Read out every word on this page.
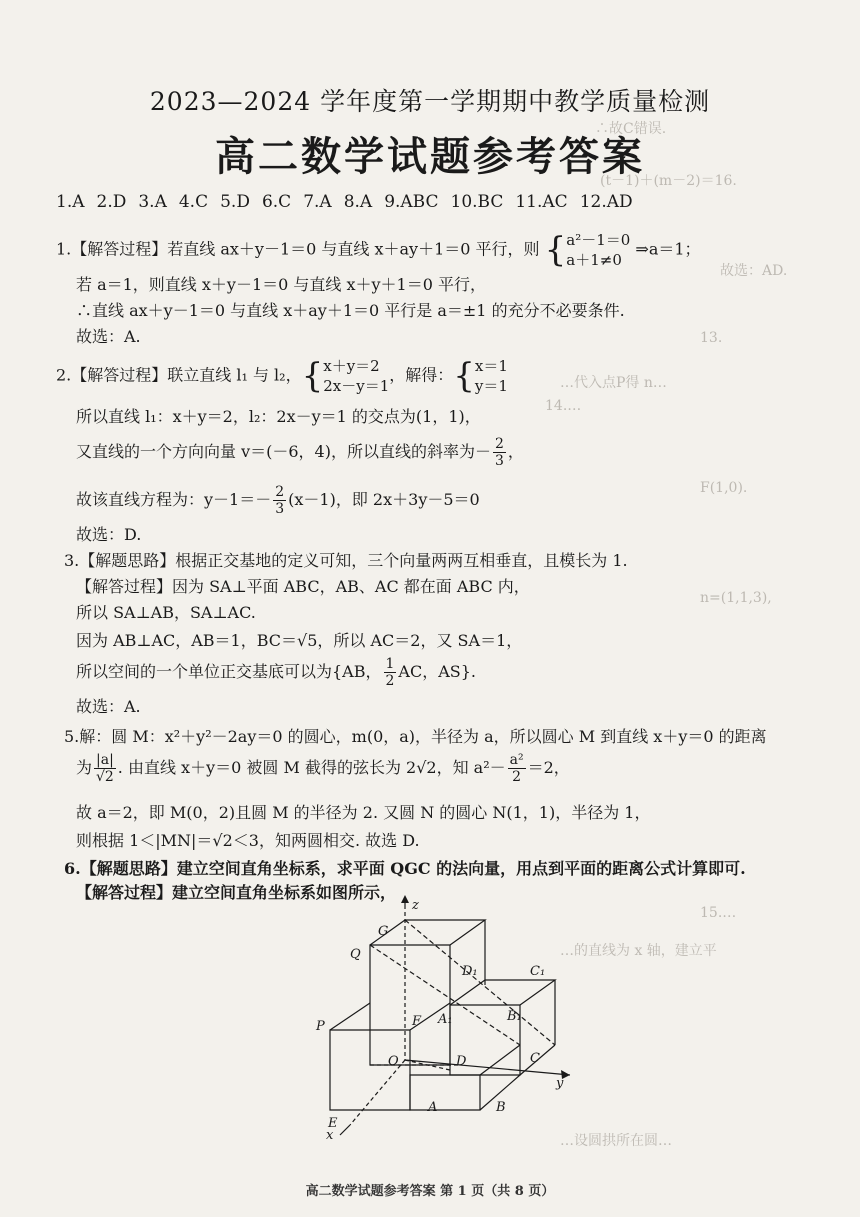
∴故C错误.
(t－1)＋(m－2)＝16.
故选：AD.
13.
…代入点P得 n…
14.…
F(1,0).
n=(1,1,3),
15.…
…的直线为 x 轴，建立平
…设圆拱所在圆…
2023—2024 学年度第一学期期中教学质量检测
高二数学试题参考答案
1.A 2.D 3.A 4.C 5.D 6.C 7.A 8.A 9.ABC 10.BC 11.AC 12.AD
1.【解答过程】若直线 ax＋y－1＝0 与直线 x＋ay＋1＝0 平行，则 {a²－1＝0
a＋1≠0 ⇒a＝1；
若 a＝1，则直线 x＋y－1＝0 与直线 x＋y＋1＝0 平行，
∴直线 ax＋y－1＝0 与直线 x＋ay＋1＝0 平行是 a＝±1 的充分不必要条件.
故选：A.
2.【解答过程】联立直线 l₁ 与 l₂，{x＋y＝2
2x－y＝1，解得：{x＝1
y＝1
所以直线 l₁：x＋y＝2，l₂：2x－y＝1 的交点为(1，1)，
又直线的一个方向向量 v＝(－6，4)，所以直线的斜率为－ $\frac{2}{3}$ ，
故该直线方程为：$y-1=- \frac{2}{3} (x-1)$，即 2x＋3y－5＝0
故选：D.
3.【解题思路】根据正交基地的定义可知，三个向量两两互相垂直，且模长为 1.
【解答过程】因为 SA⊥平面 ABC，AB、AC 都在面 ABC 内，
所以 SA⊥AB，SA⊥AC.
因为 AB⊥AC，AB＝1，BC＝√5，所以 AC＝2，又 SA＝1，
所以空间的一个单位正交基底可以为{AB， $\frac{1}{2}$ AC，AS}.
故选：A.
5.解：圆 M：x²＋y²－2ay＝0 的圆心，m(0，a)，半径为 a，所以圆心 M 到直线 x＋y＝0 的距离
为 $\frac{|a|}{√2}$ . 由直线 x＋y＝0 被圆 M 截得的弦长为 2√2，知 $a^2- \frac{\text{a²}}{2} =2$，
故 a＝2，即 M(0，2)且圆 M 的半径为 2. 又圆 N 的圆心 N(1，1)，半径为 1，
则根据 1＜|MN|＝√2＜3，知两圆相交. 故选 D.
6.【解题思路】建立空间直角坐标系，求平面 QGC 的法向量，用点到平面的距离公式计算即可.
【解答过程】建立空间直角坐标系如图所示，
z
G
Q
D₁	C₁
P	F A₁	B₁
C
O	D
y
E
A	B
x
高二数学试题参考答案 第 1 页（共 8 页）
